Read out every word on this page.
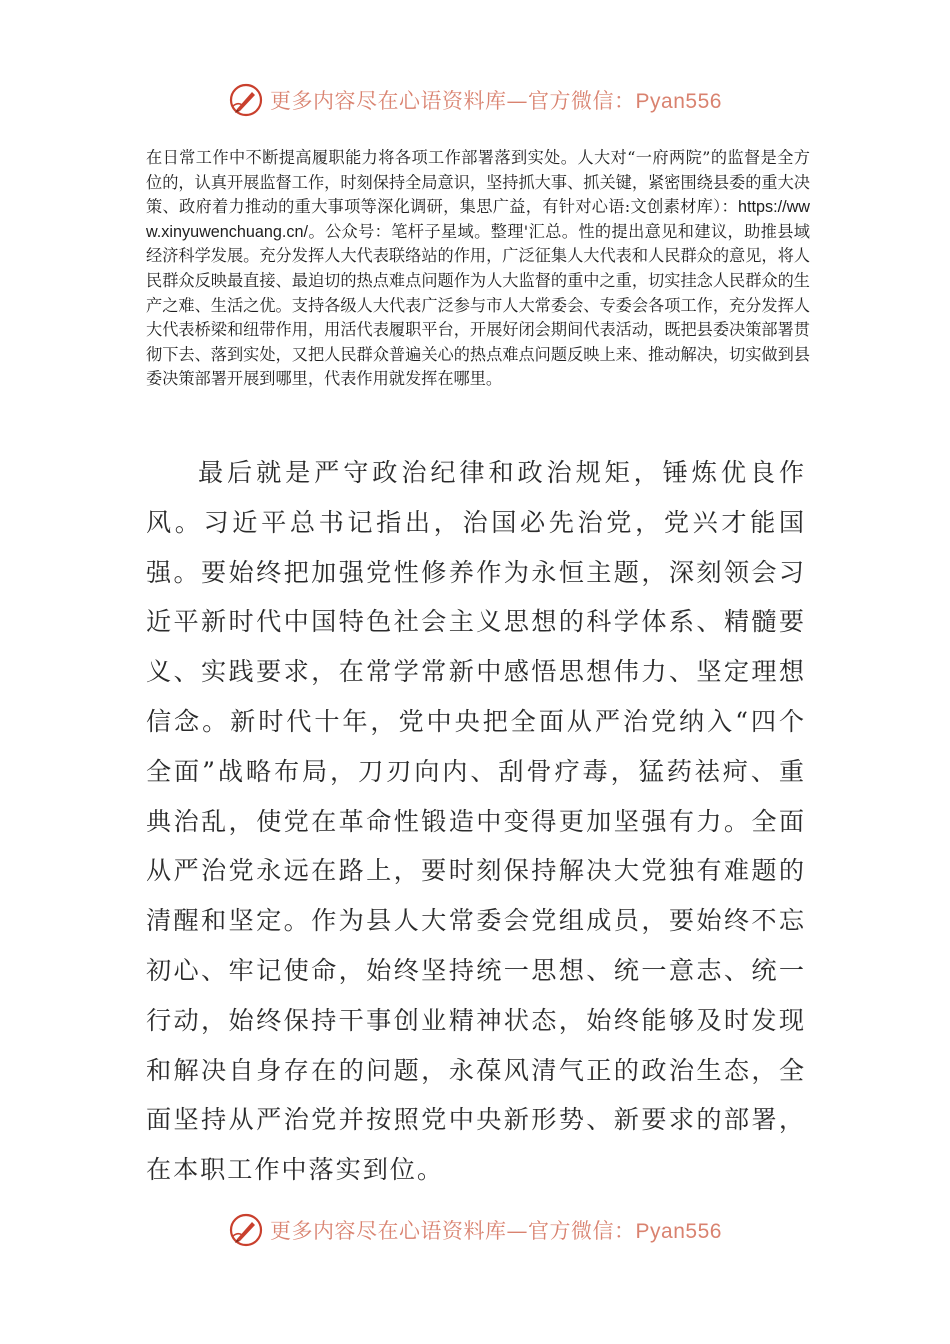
更多内容尽在心语资料库—官方微信：Pyan556

在日常工作中不断提高履职能力将各项工作部署落到实处。人大对“一府两院”的监督是全方位的，认真开展监督工作，时刻保持全局意识，坚持抓大事、抓关键，紧密围绕县委的重大决策、政府着力推动的重大事项等深化调研，集思广益，有针对心语:文创素材库）：https://www.xinyuwenchuang.cn/。公众号：笔杆子星域。整理'汇总。性的提出意见和建议，助推县域经济科学发展。充分发挥人大代表联络站的作用，广泛征集人大代表和人民群众的意见，将人民群众反映最直接、最迫切的热点难点问题作为人大监督的重中之重，切实挂念人民群众的生产之难、生活之优。支持各级人大代表广泛参与市人大常委会、专委会各项工作，充分发挥人大代表桥梁和纽带作用，用活代表履职平台，开展好闭会期间代表活动，既把县委决策部署贯彻下去、落到实处，又把人民群众普遍关心的热点难点问题反映上来、推动解决，切实做到县委决策部署开展到哪里，代表作用就发挥在哪里。

最后就是严守政治纪律和政治规矩，锤炼优良作风。习近平总书记指出，治国必先治党，党兴才能国强。要始终把加强党性修养作为永恒主题，深刻领会习近平新时代中国特色社会主义思想的科学体系、精髓要义、实践要求，在常学常新中感悟思想伟力、坚定理想信念。新时代十年，党中央把全面从严治党纳入“四个全面”战略布局，刀刃向内、刮骨疗毒，猛药祛疴、重典治乱，使党在革命性锻造中变得更加坚强有力。全面从严治党永远在路上，要时刻保持解决大党独有难题的清醒和坚定。作为县人大常委会党组成员，要始终不忘初心、牢记使命，始终坚持统一思想、统一意志、统一行动，始终保持干事创业精神状态，始终能够及时发现和解决自身存在的问题，永葆风清气正的政治生态，全面坚持从严治党并按照党中央新形势、新要求的部署，在本职工作中落实到位。

更多内容尽在心语资料库—官方微信：Pyan556
